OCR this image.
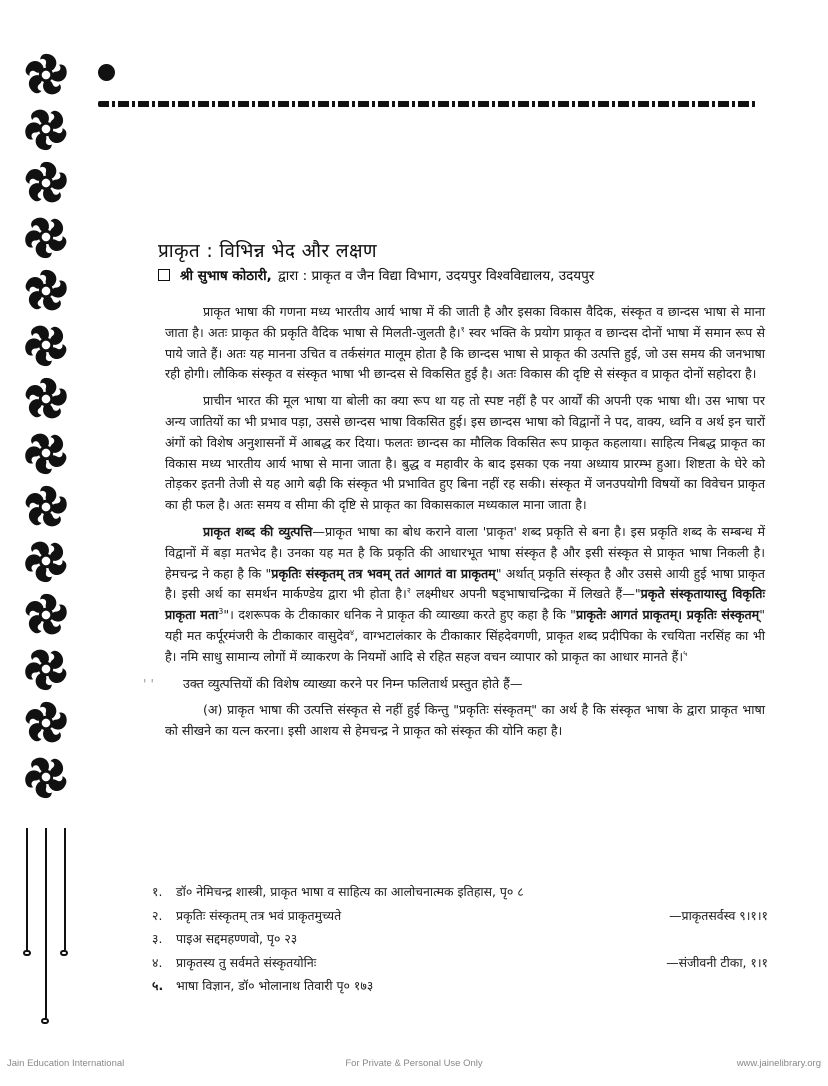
प्राकृत : विभिन्न भेद और लक्षण
श्री सुभाष कोठारी,
द्वारा : प्राकृत व जैन विद्या विभाग, उदयपुर विश्वविद्यालय, उदयपुर

प्राकृत भाषा की गणना मध्य भारतीय आर्य भाषा में की जाती है और इसका विकास वैदिक, संस्कृत व छान्दस भाषा से माना जाता है। अतः प्राकृत की प्रकृति वैदिक भाषा से मिलती-जुलती है।$^१$ स्वर भक्ति के प्रयोग प्राकृत व छान्दस दोनों भाषा में समान रूप से पाये जाते हैं। अतः यह मानना उचित व तर्कसंगत मालूम होता है कि छान्दस भाषा से प्राकृत की उत्पत्ति हुई, जो उस समय की जनभाषा रही होगी। लौकिक संस्कृत व संस्कृत भाषा भी छान्दस से विकसित हुई है। अतः विकास की दृष्टि से संस्कृत व प्राकृत दोनों सहोदरा है।

प्राचीन भारत की मूल भाषा या बोली का क्या रूप था यह तो स्पष्ट नहीं है पर आर्यों की अपनी एक भाषा थी। उस भाषा पर अन्य जातियों का भी प्रभाव पड़ा, उससे छान्दस भाषा विकसित हुई। इस छान्दस भाषा को विद्वानों ने पद, वाक्य, ध्वनि व अर्थ इन चारों अंगों को विशेष अनुशासनों में आबद्ध कर दिया। फलतः छान्दस का मौलिक विकसित रूप प्राकृत कहलाया। साहित्य निबद्ध प्राकृत का विकास मध्य भारतीय आर्य भाषा से माना जाता है। बुद्ध व महावीर के बाद इसका एक नया अध्याय प्रारम्भ हुआ। शिष्टता के घेरे को तोड़कर इतनी तेजी से यह आगे बढ़ी कि संस्कृत भी प्रभावित हुए बिना नहीं रह सकी। संस्कृत में जनउपयोगी विषयों का विवेचन प्राकृत का ही फल है। अतः समय व सीमा की दृष्टि से प्राकृत का विकासकाल मध्यकाल माना जाता है।

प्राकृत शब्द की व्युत्पत्ति—प्राकृत भाषा का बोध कराने वाला 'प्राकृत' शब्द प्रकृति से बना है। इस प्रकृति शब्द के सम्बन्ध में विद्वानों में बड़ा मतभेद है। उनका यह मत है कि प्रकृति की आधारभूत भाषा संस्कृत है और इसी संस्कृत से प्राकृत भाषा निकली है। हेमचन्द्र ने कहा है कि "प्रकृतिः संस्कृतम् तत्र भवम् ततं आगतं वा प्राकृतम्" अर्थात् प्रकृति संस्कृत है और उससे आयी हुई भाषा प्राकृत है। इसी अर्थ का समर्थन मार्कण्डेय द्वारा भी होता है।$^२$ लक्ष्मीधर अपनी षड्भाषाचन्द्रिका में लिखते हैं—"प्रकृते संस्कृतायास्तु विकृतिः प्राकृता मता$^3$"। दशरूपक के टीकाकार धनिक ने प्राकृत की व्याख्या करते हुए कहा है कि "प्राकृतेः आगतं प्राकृतम्। प्रकृतिः संस्कृतम्" यही मत कर्पूरमंजरी के टीकाकार वासुदेव$^४$, वाग्भटालंकार के टीकाकार सिंहदेवगणी, प्राकृत शब्द प्रदीपिका के रचयिता नरसिंह का भी है। नमि साधु सामान्य लोगों में व्याकरण के नियमों आदि से रहित सहज वचन व्यापार को प्राकृत का आधार मानते हैं।$^५$

' ' उक्त व्युत्पत्तियों की विशेष व्याख्या करने पर निम्न फलितार्थ प्रस्तुत होते हैं—

(अ) प्राकृत भाषा की उत्पत्ति संस्कृत से नहीं हुई किन्तु "प्रकृतिः संस्कृतम्" का अर्थ है कि संस्कृत भाषा के द्वारा प्राकृत भाषा को सीखने का यत्न करना। इसी आशय से हेमचन्द्र ने प्राकृत को संस्कृत की योनि कहा है।

१.	डॉ० नेमिचन्द्र शास्त्री, प्राकृत भाषा व साहित्य का आलोचनात्मक इतिहास, पृ० ८
२.	प्रकृतिः संस्कृतम् तत्र भवं प्राकृतमुच्यते	—प्राकृतसर्वस्व ९।१।१
३.	पाइअ सद्दमहण्णवो, पृ० २३
४.	प्राकृतस्य तु सर्वमते संस्कृतयोनिः	—संजीवनी टीका, १।१
५.	भाषा विज्ञान, डॉ० भोलानाथ तिवारी पृ० १७३
Jain Education International	For Private & Personal Use Only	www.jainelibrary.org
